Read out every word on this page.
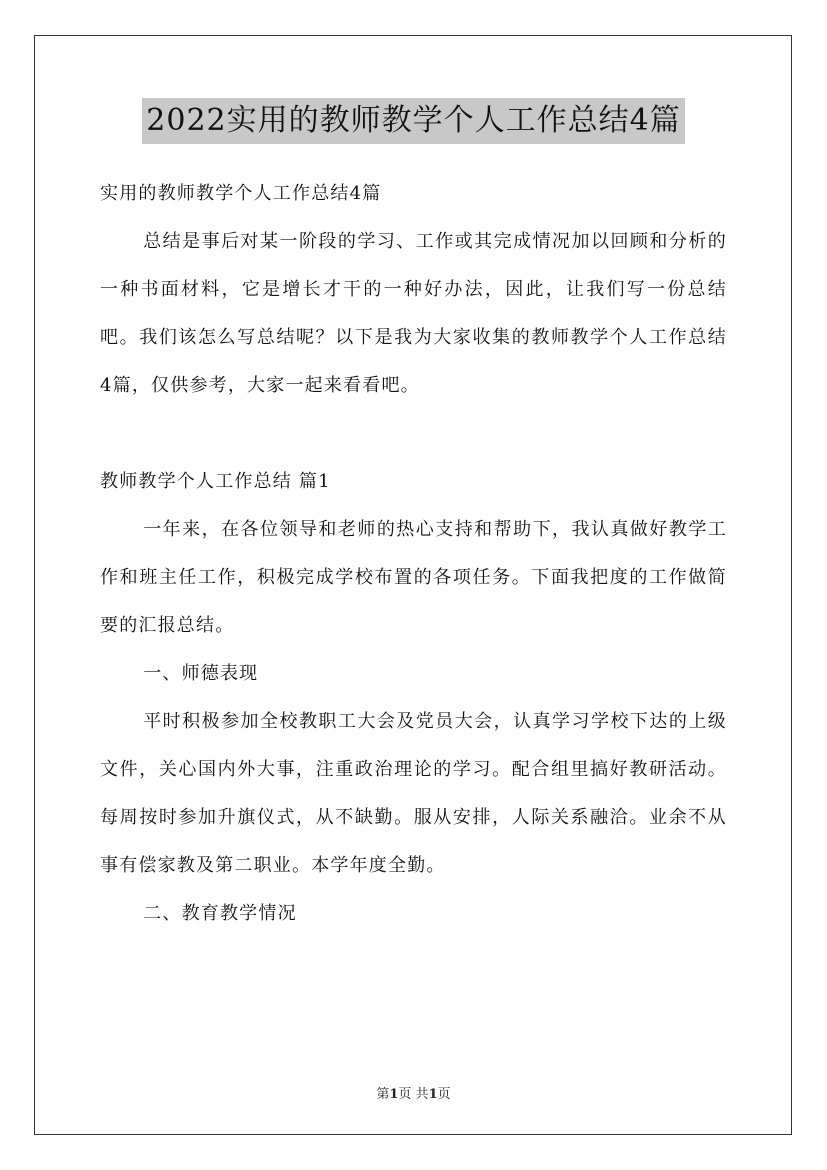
2022实用的教师教学个人工作总结4篇

实用的教师教学个人工作总结4篇

总结是事后对某一阶段的学习、工作或其完成情况加以回顾和分析的一种书面材料，它是增长才干的一种好办法，因此，让我们写一份总结吧。我们该怎么写总结呢？以下是我为大家收集的教师教学个人工作总结4篇，仅供参考，大家一起来看看吧。

教师教学个人工作总结 篇1

一年来，在各位领导和老师的热心支持和帮助下，我认真做好教学工作和班主任工作，积极完成学校布置的各项任务。下面我把度的工作做简要的汇报总结。

一、师德表现

平时积极参加全校教职工大会及党员大会，认真学习学校下达的上级文件，关心国内外大事，注重政治理论的学习。配合组里搞好教研活动。每周按时参加升旗仪式，从不缺勤。服从安排，人际关系融洽。业余不从事有偿家教及第二职业。本学年度全勤。

二、教育教学情况

第1页 共1页
